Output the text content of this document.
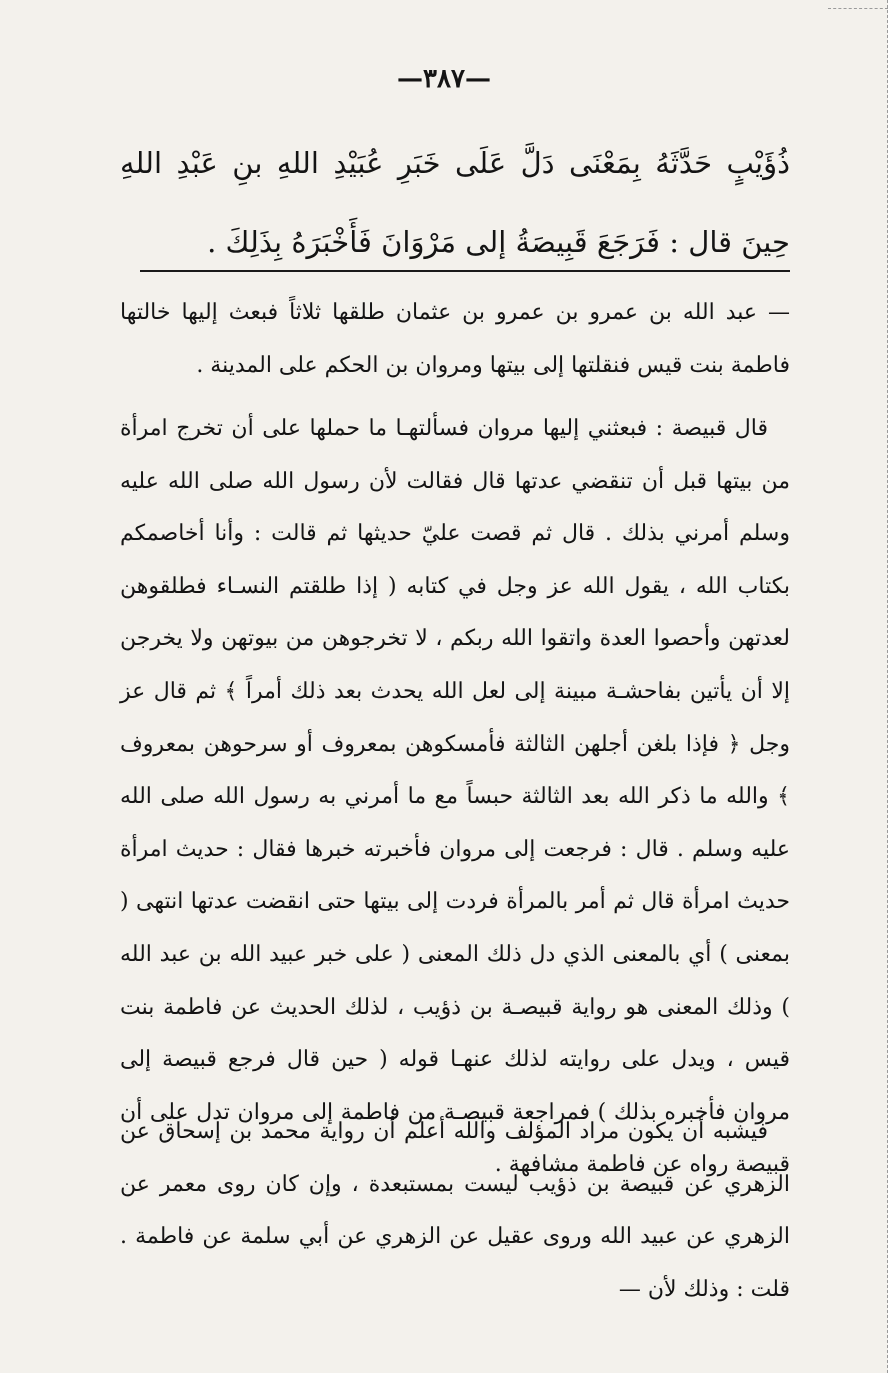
—٣٨٧—
ذُؤَيْبٍ حَدَّثَهُ بِمَعْنَى دَلَّ عَلَى خَبَرِ عُبَيْدِ اللهِ بنِ عَبْدِ اللهِ حِينَ قال : فَرَجَعَ قَبِيصَةُ إلى مَرْوَانَ فَأَخْبَرَهُ بِذَلِكَ .

— عبد الله بن عمرو بن عمرو بن عثمان طلقها ثلاثاً فبعث إليها خالتها فاطمة بنت قيس فنقلتها إلى بيتها ومروان بن الحكم على المدينة .

قال قبيصة : فبعثني إليها مروان فسألتهـا ما حملها على أن تخرج امرأة من بيتها قبل أن تنقضي عدتها قال فقالت لأن رسول الله صلى الله عليه وسلم أمرني بذلك . قال ثم قصت عليّ حديثها ثم قالت : وأنا أخاصمكم بكتاب الله ، يقول الله عز وجل في كتابه ( إذا طلقتم النسـاء فطلقوهن لعدتهن وأحصوا العدة واتقوا الله ربكم ، لا تخرجوهن من بيوتهن ولا يخرجن إلا أن يأتين بفاحشـة مبينة إلى لعل الله يحدث بعد ذلك أمراً ﴾ ثم قال عز وجل ﴿ فإذا بلغن أجلهن الثالثة فأمسكوهن بمعروف أو سرحوهن بمعروف ﴾ والله ما ذكر الله بعد الثالثة حبساً مع ما أمرني به رسول الله صلى الله عليه وسلم . قال : فرجعت إلى مروان فأخبرته خبرها فقال : حديث امرأة حديث امرأة قال ثم أمر بالمرأة فردت إلى بيتها حتى انقضت عدتها انتهى ( بمعنى ) أي بالمعنى الذي دل ذلك المعنى ( على خبر عبيد الله بن عبد الله ) وذلك المعنى هو رواية قبيصـة بن ذؤيب ، لذلك الحديث عن فاطمة بنت قيس ، ويدل على روايته لذلك عنهـا قوله ( حين قال فرجع قبيصة إلى مروان فأخبره بذلك ) فمراجعة قبيصـة من فاطمة إلى مروان تدل على أن قبيصة رواه عن فاطمة مشافهة .

فيشبه أن يكون مراد المؤلف والله أعلم أن رواية محمد بن إسحاق عن الزهري عن قبيصة بن ذؤيب ليست بمستبعدة ، وإن كان روى معمر عن الزهري عن عبيد الله وروى عقيل عن الزهري عن أبي سلمة عن فاطمة . قلت : وذلك لأن —
